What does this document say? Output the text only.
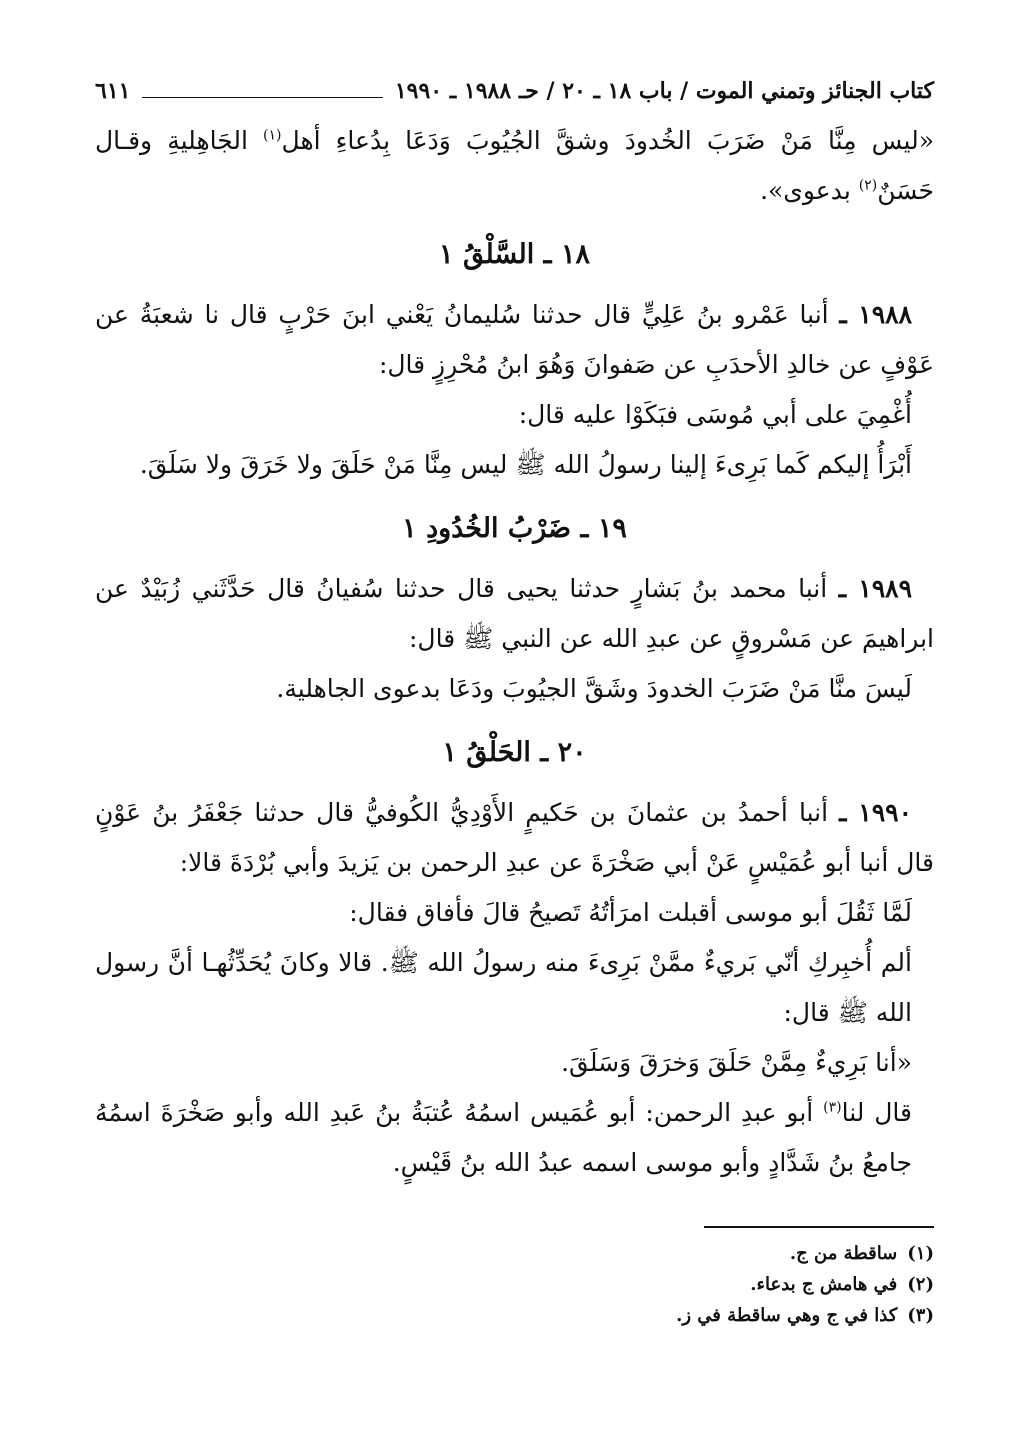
كتاب الجنائز وتمني الموت / باب ١٨ ـ ٢٠ / حـ ١٩٨٨ ـ ١٩٩٠
٦١١

«ليس مِنَّا مَنْ ضَرَبَ الخُدودَ وشقَّ الجُيُوبَ وَدَعَا بِدُعاءِ أهل$^{(١)}$ الجَاهِليةِ وقـال حَسَنٌ$^{(٢)}$ بدعوى».

١٨ ـ السَّلْقُ ١

١٩٨٨ ـ أنبا عَمْرو بنُ عَلِيٍّ قال حدثنا سُليمانُ يَعْني ابنَ حَرْبٍ قال نا شعبَةُ عن عَوْفٍ عن خالدِ الأحدَبِ عن صَفوانَ وَهُوَ ابنُ مُحْرِزٍ قال:

أُغْمِيَ على أبي مُوسَى فبَكَوْا عليه قال:

أَبْرَأُ إليكم كَما بَرِىءَ إلينا رسولُ الله ﷺ ليس مِنَّا مَنْ حَلَقَ ولا خَرَقَ ولا سَلَقَ.

١٩ ـ ضَرْبُ الخُدُودِ ١

١٩٨٩ ـ أنبا محمد بنُ بَشارٍ حدثنا يحيى قال حدثنا سُفيانُ قال حَدَّثَني زُبَيْدٌ عن ابراهيمَ عن مَسْروقٍ عن عبدِ الله عن النبي ﷺ قال:

لَيسَ منَّا مَنْ ضَرَبَ الخدودَ وشَقَّ الجيُوبَ ودَعَا بدعوى الجاهلية.

٢٠ ـ الحَلْقُ ١

١٩٩٠ ـ أنبا أحمدُ بن عثمانَ بن حَكيمٍ الأَوْدِيُّ الكُوفيُّ قال حدثنا جَعْفَرُ بنُ عَوْنٍ قال أنبا أبو عُمَيْسٍ عَنْ أبي صَخْرَةَ عن عبدِ الرحمن بن يَزيدَ وأبي بُرْدَةَ قالا:

لَمَّا ثَقُلَ أبو موسى أقبلت امرَأتُهُ تَصيحُ قالَ فأفاق فقال:

ألم أُخبِركِ أنّي بَريءٌ ممَّنْ بَرِىءَ منه رسولُ الله ﷺ. قالا وكانَ يُحَدِّثُهـا أنَّ رسول الله ﷺ قال:

«أنا بَرِيءٌ مِمَّنْ حَلَقَ وَخرَقَ وَسَلَقَ.

قال لنا$^{(٣)}$ أبو عبدِ الرحمن: أبو عُمَيس اسمُهُ عُتبَةُ بنُ عَبدِ الله وأبو صَخْرَةَ اسمُهُ جامعُ بنُ شَدَّادٍ وأبو موسى اسمه عبدُ الله بنُ قَيْسٍ.

(١)
ساقطة من ج.
(٢)
في هامش ج بدعاء.
(٣)
كذا في ج وهي ساقطة في ز.
